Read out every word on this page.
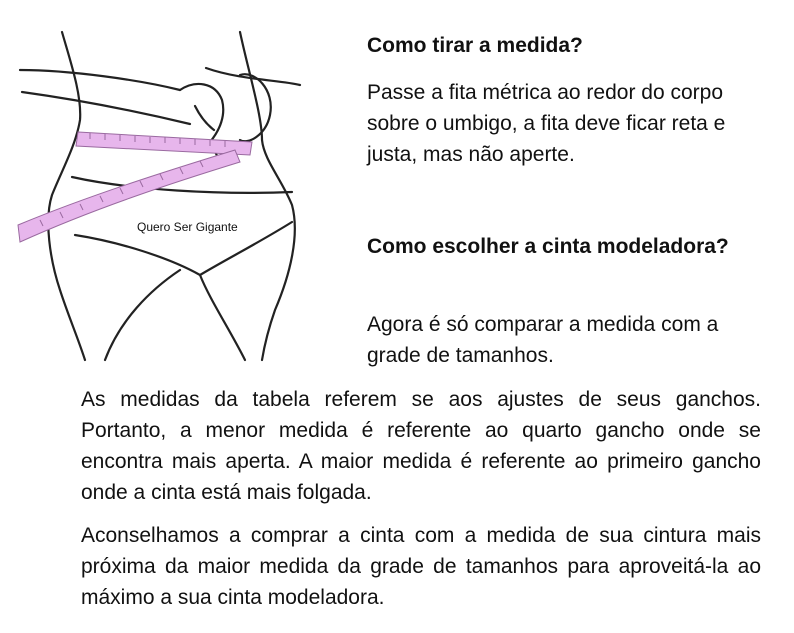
Quero Ser Gigante
Como tirar a medida?

Passe a fita métrica ao redor do corpo sobre o umbigo, a fita deve ficar reta e justa, mas não aperte.

Como escolher a cinta modeladora?

Agora é só comparar a medida com a grade de tamanhos.

As medidas da tabela referem se aos ajustes de seus ganchos. Portanto, a menor medida é referente ao quarto gancho onde se encontra mais aperta. A maior medida é referente ao primeiro gancho onde a cinta está mais folgada.

Aconselhamos a comprar a cinta com a medida de sua cintura mais próxima da maior medida da grade de tamanhos para aproveitá-la ao máximo a sua cinta modeladora.
